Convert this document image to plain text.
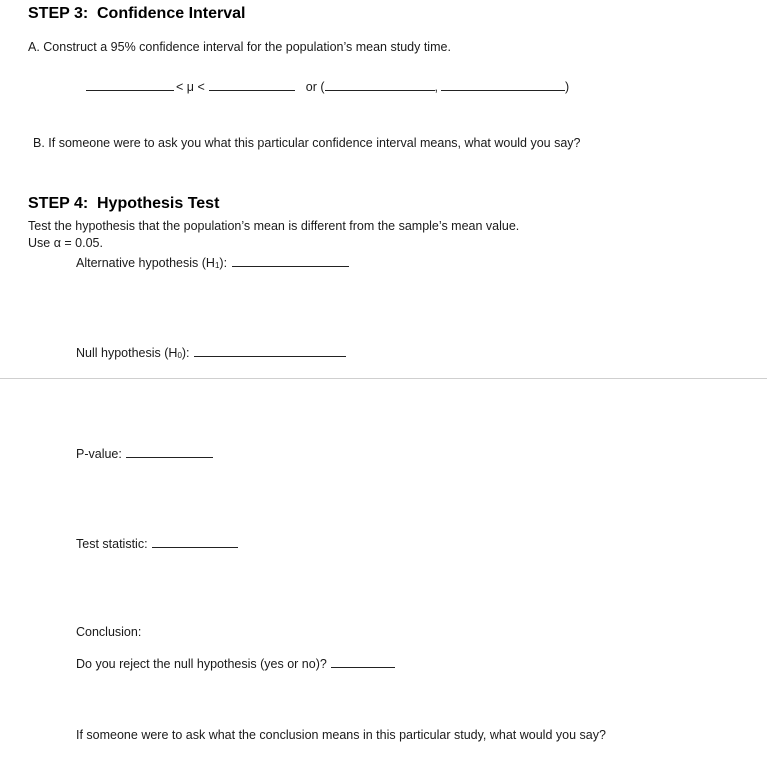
STEP 3: Confidence Interval
A. Construct a 95% confidence interval for the population’s mean study time.
< μ <	or (	,	)
B. If someone were to ask you what this particular confidence interval means, what would you say?
STEP 4: Hypothesis Test
Test the hypothesis that the population’s mean is different from the sample’s mean value.
Use α = 0.05.
Alternative hypothesis $(H_1)$:
Null hypothesis $(H_0)$:
P-value:
Test statistic:
Conclusion:
Do you reject the null hypothesis (yes or no)?
If someone were to ask what the conclusion means in this particular study, what would you say?
